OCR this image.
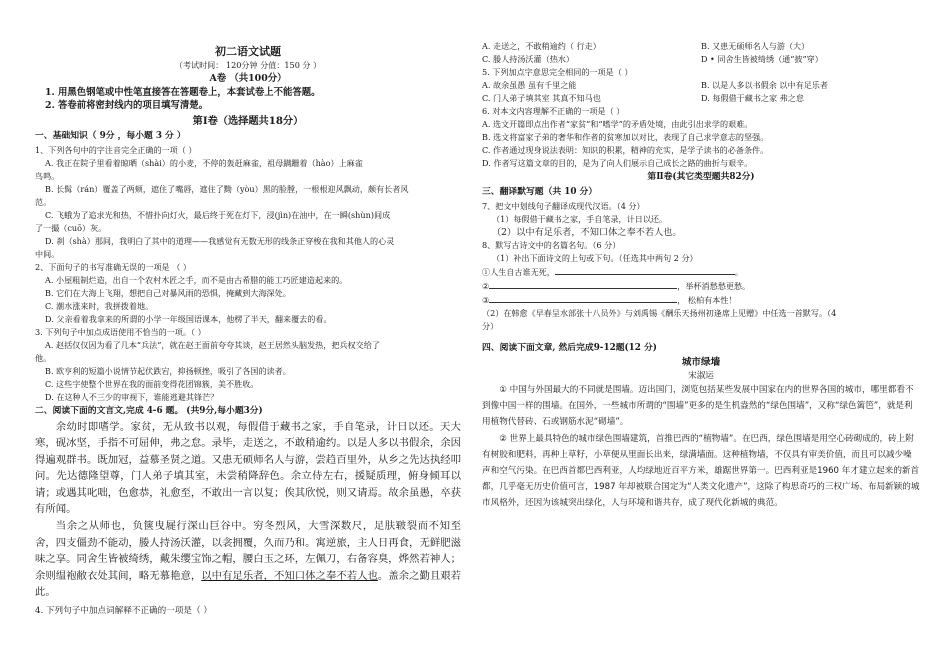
初二语文试题

（考试时间： 120分钟 分值：150 分 ）

A卷 （共100分）

1. 用黑色钢笔或中性笔直接答在答题卷上，本套试卷上不能答题。

2. 答卷前将密封线内的项目填写清楚。

第Ⅰ卷（选择题共18分）

一、基础知识（ 9分 ，每小题 3 分 ）

1、下列各句中的字注音完全正确的一项（ ）

A. 我正在院子里看着晾晒（shài）的小麦，不停的轰赶麻雀，祖母蹒跚着（hào）上麻雀

鸟鸣。

B. 长髯（rán）覆盖了两颊，遮住了嘴唇，遮住了黝（yòu）黑的脸膛，一根根迎风飘动，颇有长者风

范。

C. 飞蛾为了追求光和热，不惜扑向灯火，最后终于死在灯下，浸(jìn)在油中，在一瞬(shùn)间成

了一撮（cuō）灰。

D. 刹（shà）那间，我明白了其中的道理——我感觉有无数无形的线条正穿梭在我和其他人的心灵

中间。

2、下面句子的书写准确无误的一项是 （ ）

A. 小屋粗制烂造，出自一个农村木匠之手，而不是由古希腊的能工巧匠建造起来的。

B. 它们在大海上飞翔，想把自己对暴风雨的恐惧，掩藏到大海深处。

C. 潮水涨来时，我拼拨着地。

D. 父亲看着我拿来的所谓的小学一年级国语课本，他楞了半天，翻来覆去的看。

3. 下列句子中加点成语使用不恰当的一项。（ ）

A. 赵括仅仅因为看了几本“兵法”，就在赵王面前夸夸其谈，赵王居然头脑发热，把兵权交给了

他。

B. 欧亨利的短篇小说情节起伏跌宕，抑扬顿挫，吸引了各国的读者。

C. 这些字使整个世界在我的面前变得花团锦簇，美不胜收。

D. 在这种人不三少的审视下，谁能逃避其锋芒？

二、阅读下面的文言文,完成 4-6 题。 (共9分,每小题3分)

余幼时即嗜学。家贫，无从致书以观，每假借于藏书之家，手自笔录，计日以还。天大寒，砚冰坚，手指不可屈伸，弗之怠。录毕，走送之，不敢稍逾约。以是人多以书假余，余因得遍观群书。既加冠，益慕圣贤之道。又患无硕师名人与游，尝趋百里外，从乡之先达执经叩问。先达德隆望尊，门人弟子填其室，未尝稍降辞色。余立侍左右，援疑质理，俯身倾耳以请；或遇其叱咄，色愈恭，礼愈至，不敢出一言以复；俟其欣悦，则又请焉。故余虽愚，卒获有所闻。

当余之从师也，负箧曳屣行深山巨谷中。穷冬烈风，大雪深数尺，足肤皲裂而不知至舍，四支僵劲不能动，媵人持汤沃灌，以衾拥覆，久而乃和。寓逆旅，主人日再食，无鲜肥滋味之享。同舍生皆被绮绣，戴朱缨宝饰之帽，腰白玉之环，左佩刀，右备容臭，烨然若神人；余则缊袍敝衣处其间，略无慕艳意，以中有足乐者，不知口体之奉不若人也。盖余之勤且艰若此。

4. 下列句子中加点词解释不正确的一项是（ ）

A. 走送之，不敢稍逾约（ 行走）	B. 又患无硕师名人与游（大）
C. 媵人持汤沃灌（热水）	D • 同舍生皆被绮绣（通“披”穿）

5. 下列加点字意思完全相同的一项是（ ）

A. 故余虽愚 虽有千里之能	B. 以是人多以书假余 以中有足乐者
C. 门人弟子填其室 其真不知马也	D. 每假借于藏书之家 弗之怠

6. 对本文内容理解不正确的一项是（ ）

A. 选文开篇即点出作者“家贫”和“嗜学”的矛盾处境，由此引出求学的艰难。

B. 选文将富家子弟的奢华和作者的贫寒加以对比，表现了自己求学意志的坚强。

C. 作者通过现身说法表明：知识的积累，精神的充实，是学子读书的必备条件。

D. 作者写这篇文章的目的，是为了向人们展示自己成长之路的曲折与艰辛。

第Ⅱ卷(其它类型题共82分)

三、翻译默写题（共 10 分）

7、把文中划线句子翻译成现代汉语。（4 分）

（1）每假借于藏书之家，手自笔录，计日以还。

（2）以中有足乐者，不知口体之奉不若人也。

8、默写古诗文中的名篇名句。（6 分）

（1）补出下面诗文的上句或下句。（任选其中两句 2 分）

①人生自古谁无死，	。

②	，举杯消愁愁更愁。

③	， 松柏有本性！

（2）在韩愈《早春呈水部张十八员外》与刘禹锡《酬乐天扬州初逢席上见赠》中任选一首默写。（4

分）

四、阅读下面文章, 然后完成9-12题(12 分)

城市绿墙

宋淑运

① 中国与外国最大的不同就是围墙。迈出国门，浏览包括某些发展中国家在内的世界各国的城市，哪里都看不到像中国一样的围墙。在国外，一些城市所谓的“围墙”更多的是生机盎然的“绿色围墙”，又称“绿色篱笆”，就是利用植物代替砖、石或钢筋水泥“砌墙”。

② 世界上最具特色的城市绿色围墙建筑，首推巴西的“植物墙”。在巴西，绿色围墙是用空心砖砌成的，砖上附有树胶和肥料，再种上草籽，小草便从里面长出来，绿满墙面。这种植物墙，不仅具有审美价值，而且可以减少噪声和空气污染。在巴西首都巴西利亚，人均绿地近百平方米，雄踞世界第一。巴西利亚是1960 年才建立起来的新首都，几乎毫无历史价值可言，1987 年却被联合国定为“人类文化遗产”，这除了构思奇巧的三权广场、布局新颖的城市风格外，还因为该城突出绿化，人与环境和谐共存，成了现代化新城的典范。
